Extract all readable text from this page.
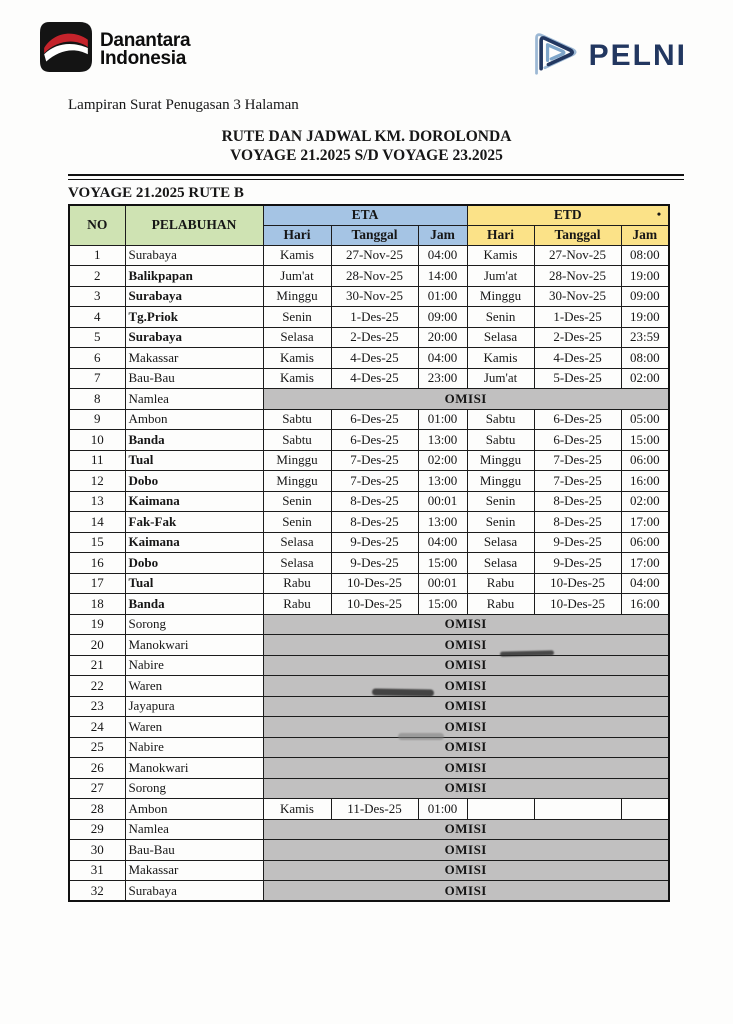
Danantara
Indonesia	PELNI
Lampiran Surat Penugasan 3 Halaman
RUTE DAN JADWAL KM. DOROLONDA
VOYAGE 21.2025 S/D VOYAGE 23.2025
VOYAGE 21.2025 RUTE B
NO	PELABUHAN	ETA			ETD •		

		Hari	Tanggal	Jam	Hari	Tanggal	Jam
1	Surabaya	Kamis	27-Nov-25	04:00	Kamis	27-Nov-25	08:00
2	Balikpapan	Jum'at	28-Nov-25	14:00	Jum'at	28-Nov-25	19:00
3	Surabaya	Minggu	30-Nov-25	01:00	Minggu	30-Nov-25	09:00
4	Tg.Priok	Senin	1-Des-25	09:00	Senin	1-Des-25	19:00
5	Surabaya	Selasa	2-Des-25	20:00	Selasa	2-Des-25	23:59
6	Makassar	Kamis	4-Des-25	04:00	Kamis	4-Des-25	08:00
7	Bau-Bau	Kamis	4-Des-25	23:00	Jum'at	5-Des-25	02:00
8	Namlea	OMISI					
9	Ambon	Sabtu	6-Des-25	01:00	Sabtu	6-Des-25	05:00
10	Banda	Sabtu	6-Des-25	13:00	Sabtu	6-Des-25	15:00
11	Tual	Minggu	7-Des-25	02:00	Minggu	7-Des-25	06:00
12	Dobo	Minggu	7-Des-25	13:00	Minggu	7-Des-25	16:00
13	Kaimana	Senin	8-Des-25	00:01	Senin	8-Des-25	02:00
14	Fak-Fak	Senin	8-Des-25	13:00	Senin	8-Des-25	17:00
15	Kaimana	Selasa	9-Des-25	04:00	Selasa	9-Des-25	06:00
16	Dobo	Selasa	9-Des-25	15:00	Selasa	9-Des-25	17:00
17	Tual	Rabu	10-Des-25	00:01	Rabu	10-Des-25	04:00
18	Banda	Rabu	10-Des-25	15:00	Rabu	10-Des-25	16:00
19	Sorong	OMISI					
20	Manokwari	OMISI					
21	Nabire	OMISI					
22	Waren	OMISI					
23	Jayapura	OMISI					
24	Waren	OMISI					
25	Nabire	OMISI					
26	Manokwari	OMISI					
27	Sorong	OMISI					
28	Ambon	Kamis	11-Des-25	01:00			
29	Namlea	OMISI					
30	Bau-Bau	OMISI					
31	Makassar	OMISI					
32	Surabaya	OMISI					
